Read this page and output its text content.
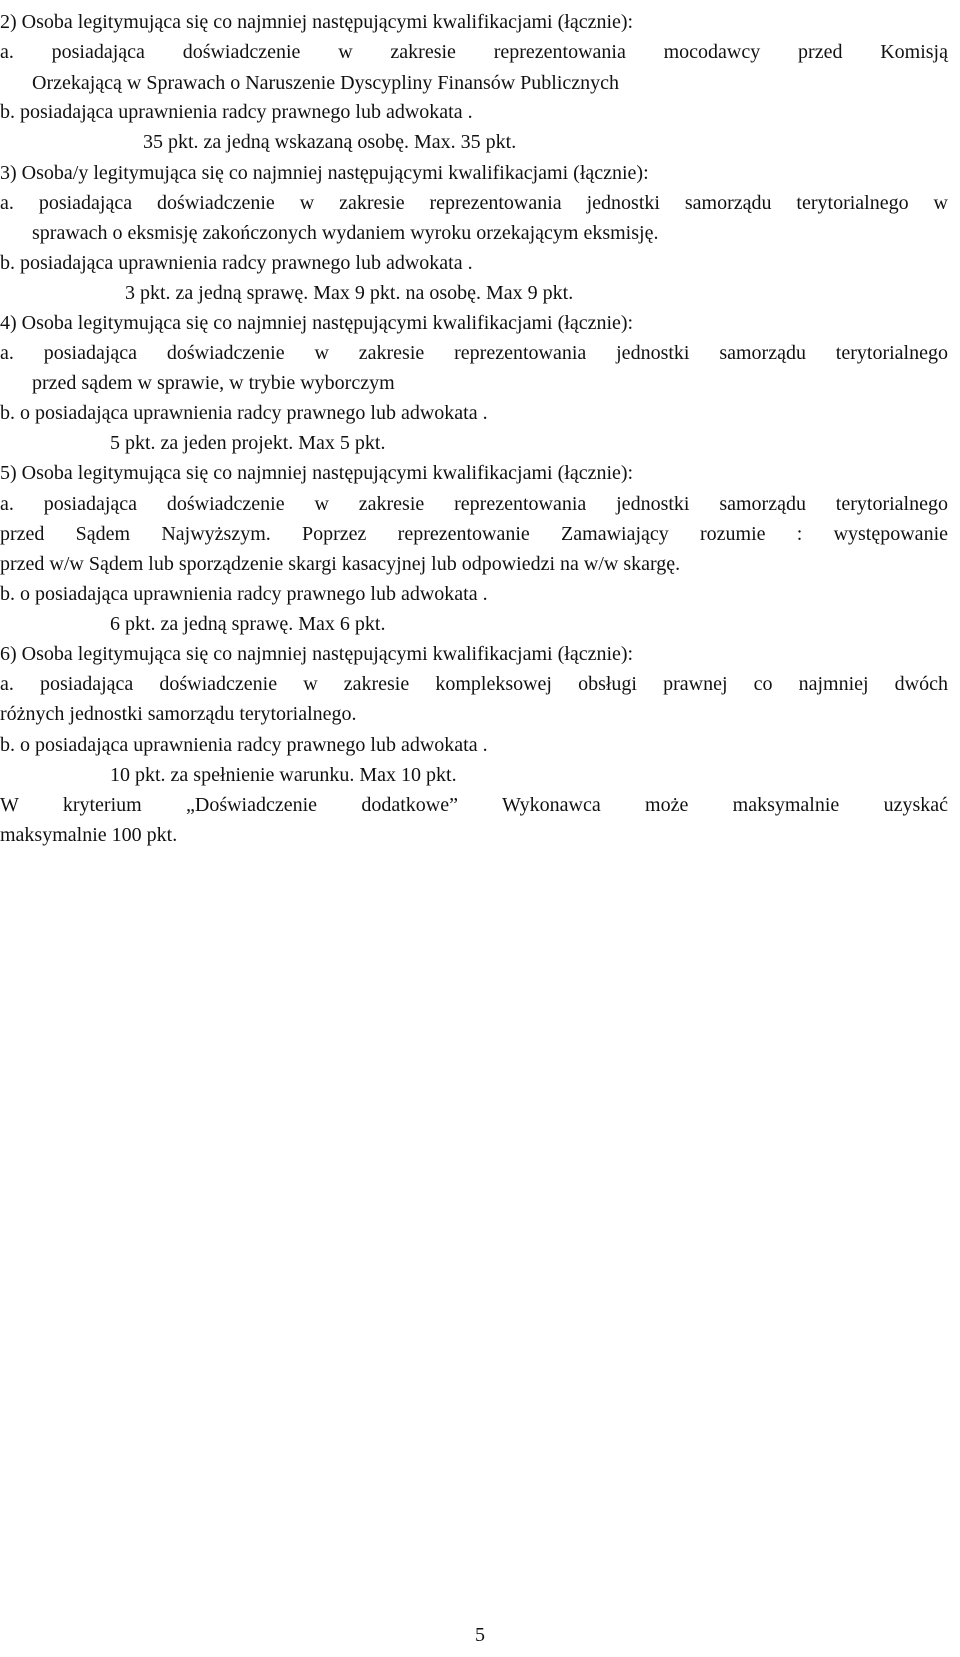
2) Osoba legitymująca się co najmniej następującymi kwalifikacjami (łącznie):
a. posiadająca doświadczenie w zakresie reprezentowania mocodawcy przed Komisją
Orzekającą w Sprawach o Naruszenie Dyscypliny Finansów Publicznych
b. posiadająca uprawnienia radcy prawnego lub adwokata .
35 pkt. za jedną wskazaną osobę. Max. 35 pkt.
3) Osoba/y legitymująca się co najmniej następującymi kwalifikacjami (łącznie):
a. posiadająca doświadczenie w zakresie reprezentowania jednostki samorządu terytorialnego w
sprawach o eksmisję zakończonych wydaniem wyroku orzekającym eksmisję.
b. posiadająca uprawnienia radcy prawnego lub adwokata .
3 pkt. za jedną sprawę. Max 9 pkt. na osobę. Max 9 pkt.
4) Osoba legitymująca się co najmniej następującymi kwalifikacjami (łącznie):
a. posiadająca doświadczenie w zakresie reprezentowania jednostki samorządu terytorialnego
przed sądem w sprawie, w trybie wyborczym
b. o posiadająca uprawnienia radcy prawnego lub adwokata .
5 pkt. za jeden projekt. Max 5 pkt.
5) Osoba legitymująca się co najmniej następującymi kwalifikacjami (łącznie):
a. posiadająca doświadczenie w zakresie reprezentowania jednostki samorządu terytorialnego
przed Sądem Najwyższym. Poprzez reprezentowanie Zamawiający rozumie : występowanie
przed w/w Sądem lub sporządzenie skargi kasacyjnej lub odpowiedzi na w/w skargę.
b. o posiadająca uprawnienia radcy prawnego lub adwokata .
6 pkt. za jedną sprawę. Max 6 pkt.
6) Osoba legitymująca się co najmniej następującymi kwalifikacjami (łącznie):
a. posiadająca doświadczenie w zakresie kompleksowej obsługi prawnej co najmniej dwóch
różnych jednostki samorządu terytorialnego.
b. o posiadająca uprawnienia radcy prawnego lub adwokata .
10 pkt. za spełnienie warunku. Max 10 pkt.
W kryterium „Doświadczenie dodatkowe” Wykonawca może maksymalnie uzyskać
maksymalnie 100 pkt.
5
